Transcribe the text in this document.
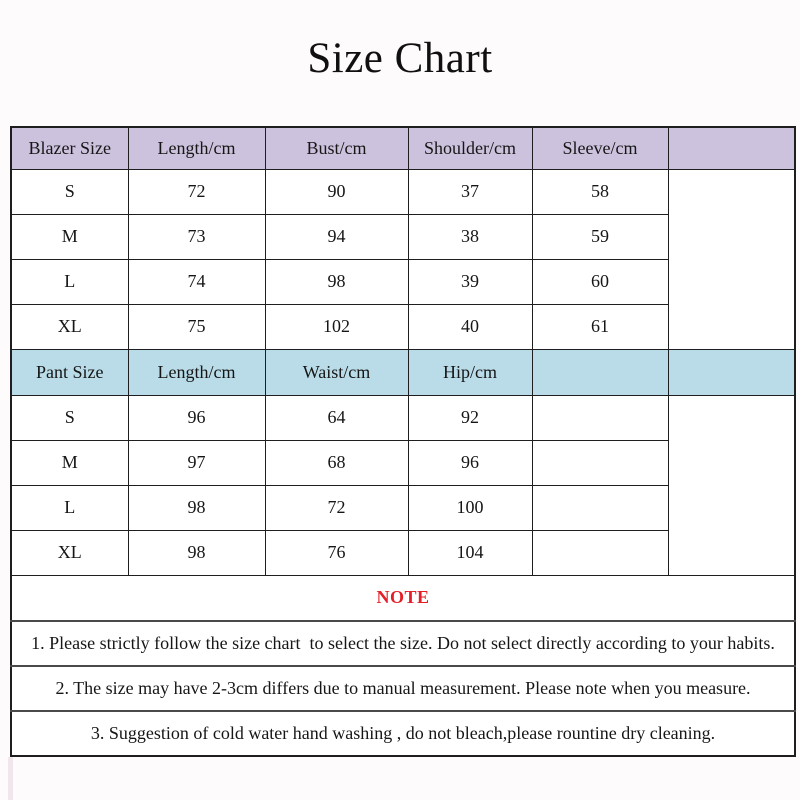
Size Chart
Blazer Size	Length/cm	Bust/cm	Shoulder/cm	Sleeve/cm	
S	72	90	37	58	
M	73	94	38	59	
L	74	98	39	60	
XL	75	102	40	61	
Pant Size	Length/cm	Waist/cm	Hip/cm		
S	96	64	92		
M	97	68	96		
L	98	72	100		
XL	98	76	104		
NOTE					
1. Please strictly follow the size chart  to select the size. Do not select directly according to your habits.					
2. The size may have 2-3cm differs due to manual measurement. Please note when you measure.					
3. Suggestion of cold water hand washing , do not bleach,please rountine dry cleaning.					
